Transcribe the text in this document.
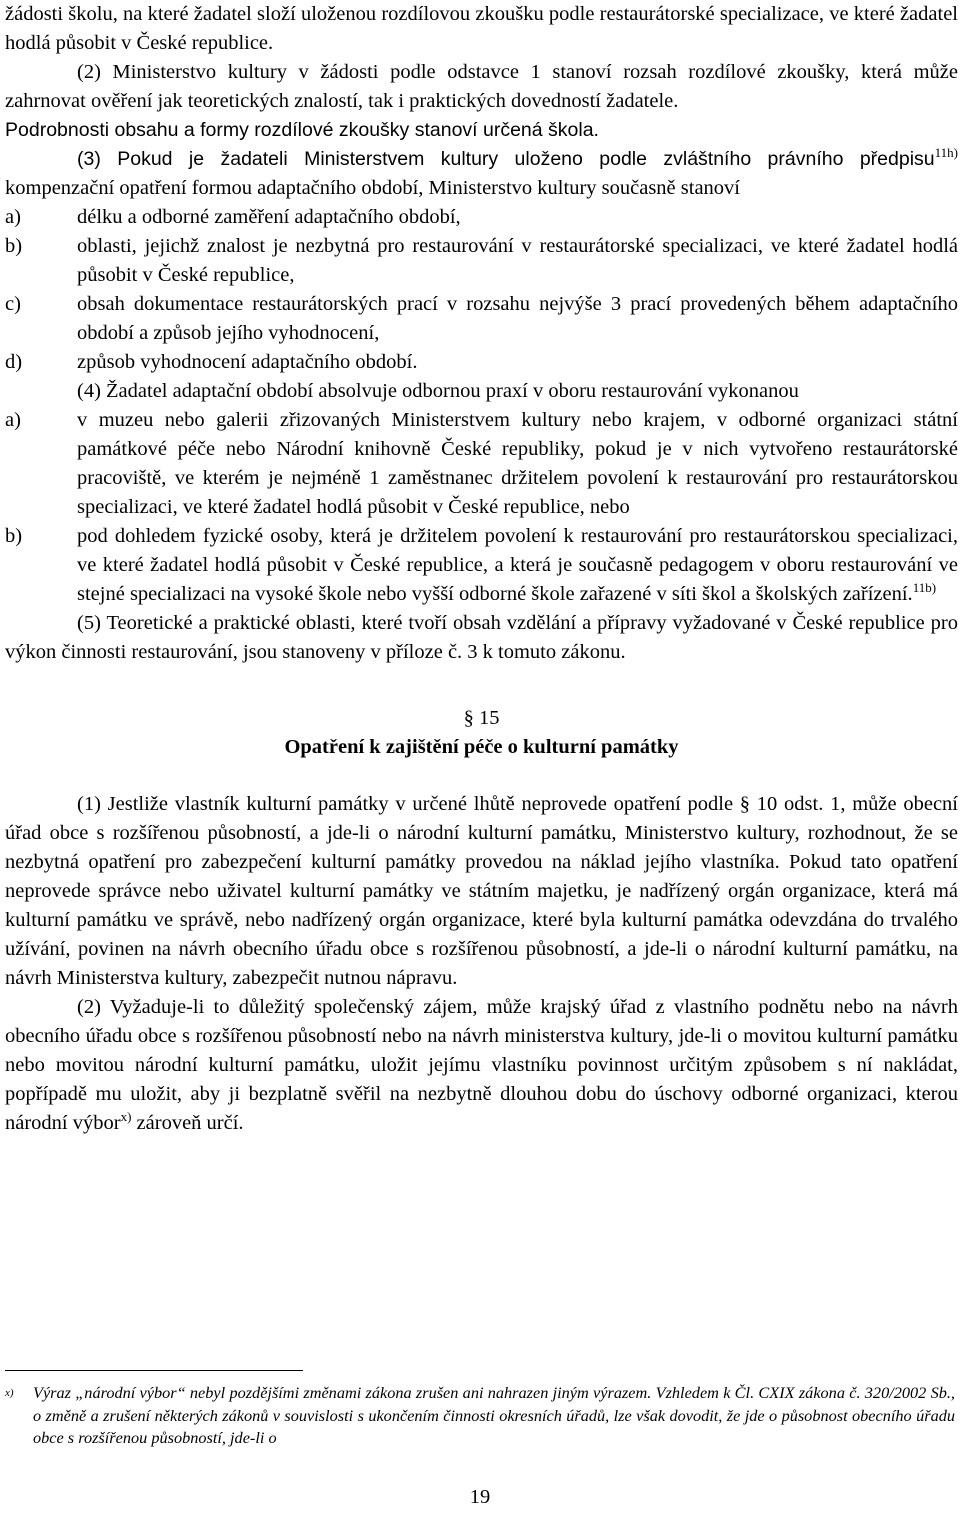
žádosti školu, na které žadatel složí uloženou rozdílovou zkoušku podle restaurátorské specializace, ve které žadatel hodlá působit v České republice.

(2) Ministerstvo kultury v žádosti podle odstavce 1 stanoví rozsah rozdílové zkoušky, která může zahrnovat ověření jak teoretických znalostí, tak i praktických dovedností žadatele.

Podrobnosti obsahu a formy rozdílové zkoušky stanoví určená škola.

(3) Pokud je žadateli Ministerstvem kultury uloženo podle zvláštního právního předpisu$^{11h)}$ kompenzační opatření formou adaptačního období, Ministerstvo kultury současně stanoví

a)	délku a odborné zaměření adaptačního období,
b)	oblasti, jejichž znalost je nezbytná pro restaurování v restaurátorské specializaci, ve které žadatel hodlá působit v České republice,
c)	obsah dokumentace restaurátorských prací v rozsahu nejvýše 3 prací provedených během adaptačního období a způsob jejího vyhodnocení,
d)	způsob vyhodnocení adaptačního období.

(4) Žadatel adaptační období absolvuje odbornou praxí v oboru restaurování vykonanou

a)	v muzeu nebo galerii zřizovaných Ministerstvem kultury nebo krajem, v odborné organizaci státní památkové péče nebo Národní knihovně České republiky, pokud je v nich vytvořeno restaurátorské pracoviště, ve kterém je nejméně 1 zaměstnanec držitelem povolení k restaurování pro restaurátorskou specializaci, ve které žadatel hodlá působit v České republice, nebo
b)	pod dohledem fyzické osoby, která je držitelem povolení k restaurování pro restaurátorskou specializaci, ve které žadatel hodlá působit v České republice, a která je současně pedagogem v oboru restaurování ve stejné specializaci na vysoké škole nebo vyšší odborné škole zařazené v síti škol a školských zařízení.$^{11b)}$

(5) Teoretické a praktické oblasti, které tvoří obsah vzdělání a přípravy vyžadované v České republice pro výkon činnosti restaurování, jsou stanoveny v příloze č. 3 k tomuto zákonu.

§ 15
Opatření k zajištění péče o kulturní památky

(1) Jestliže vlastník kulturní památky v určené lhůtě neprovede opatření podle § 10 odst. 1, může obecní úřad obce s rozšířenou působností, a jde-li o národní kulturní památku, Ministerstvo kultury, rozhodnout, že se nezbytná opatření pro zabezpečení kulturní památky provedou na náklad jejího vlastníka. Pokud tato opatření neprovede správce nebo uživatel kulturní památky ve státním majetku, je nadřízený orgán organizace, která má kulturní památku ve správě, nebo nadřízený orgán organizace, které byla kulturní památka odevzdána do trvalého užívání, povinen na návrh obecního úřadu obce s rozšířenou působností, a jde-li o národní kulturní památku, na návrh Ministerstva kultury, zabezpečit nutnou nápravu.

(2) Vyžaduje-li to důležitý společenský zájem, může krajský úřad z vlastního podnětu nebo na návrh obecního úřadu obce s rozšířenou působností nebo na návrh ministerstva kultury, jde-li o movitou kulturní památku nebo movitou národní kulturní památku, uložit jejímu vlastníku povinnost určitým způsobem s ní nakládat, popřípadě mu uložit, aby ji bezplatně svěřil na nezbytně dlouhou dobu do úschovy odborné organizaci, kterou národní výbor$^{x)}$ zároveň určí.

x)	Výraz „národní výbor“ nebyl pozdějšími změnami zákona zrušen ani nahrazen jiným výrazem. Vzhledem k Čl. CXIX zákona č. 320/2002 Sb., o změně a zrušení některých zákonů v souvislosti s ukončením činnosti okresních úřadů, lze však dovodit, že jde o působnost obecního úřadu obce s rozšířenou působností, jde-li o
19
